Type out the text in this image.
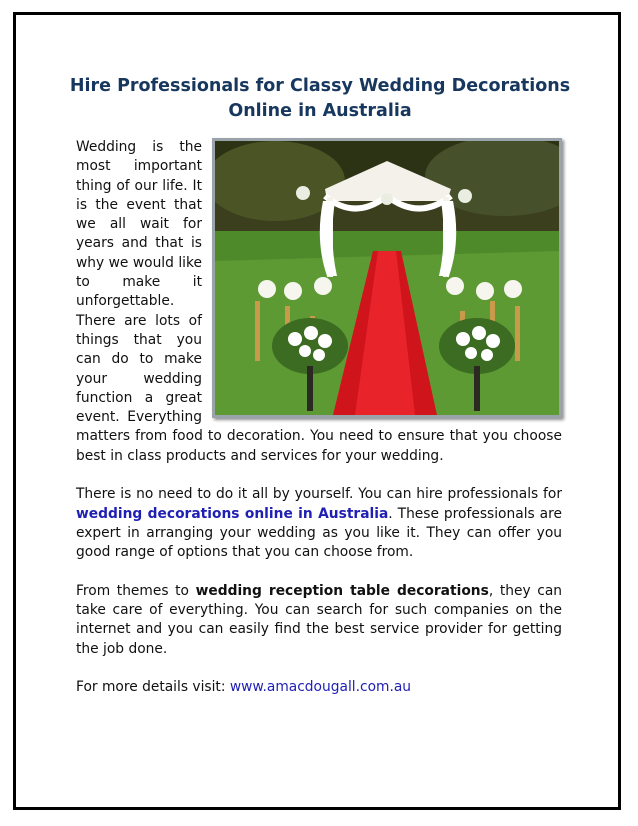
Hire Professionals for Classy Wedding Decorations Online in Australia

Wedding is the most important thing of our life. It is the event that we all wait for years and that is why we would like to make it unforgettable. There are lots of things that you can do to make your wedding function a great event. Everything matters from food to decoration. You need to ensure that you choose best in class products and services for your wedding.

There is no need to do it all by yourself. You can hire professionals for wedding decorations online in Australia. These professionals are expert in arranging your wedding as you like it. They can offer you good range of options that you can choose from.

From themes to wedding reception table decorations, they can take care of everything. You can search for such companies on the internet and you can easily find the best service provider for getting the job done.

For more details visit: www.amacdougall.com.au
